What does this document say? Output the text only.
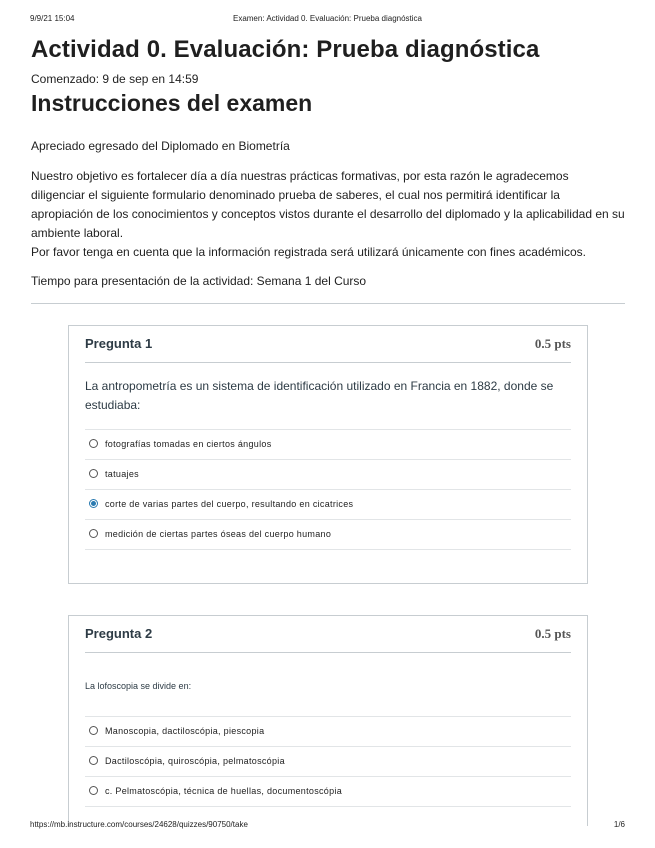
9/9/21 15:04	Examen: Actividad 0. Evaluación: Prueba diagnóstica
Actividad 0. Evaluación: Prueba diagnóstica

Comenzado: 9 de sep en 14:59

Instrucciones del examen

Apreciado egresado del Diplomado en Biometría

Nuestro objetivo es fortalecer día a día nuestras prácticas formativas, por esta razón le agradecemos diligenciar el siguiente formulario denominado prueba de saberes, el cual nos permitirá identificar la apropiación de los conocimientos y conceptos vistos durante el desarrollo del diplomado y la aplicabilidad en su ambiente laboral.

Por favor tenga en cuenta que la información registrada será utilizará únicamente con fines académicos.

Tiempo para presentación de la actividad: Semana 1 del Curso

Pregunta 1	0.5 pts
La antropometría es un sistema de identificación utilizado en Francia en 1882, donde se estudiaba:
fotografías tomadas en ciertos ángulos
tatuajes
corte de varias partes del cuerpo, resultando en cicatrices
medición de ciertas partes óseas del cuerpo humano
Pregunta 2	0.5 pts
La lofoscopia se divide en:
Manoscopia, dactiloscópia, piescopia
Dactiloscópia, quiroscópia, pelmatoscópia
c. Pelmatoscópia, técnica de huellas, documentoscópia
https://mb.instructure.com/courses/24628/quizzes/90750/take	1/6
